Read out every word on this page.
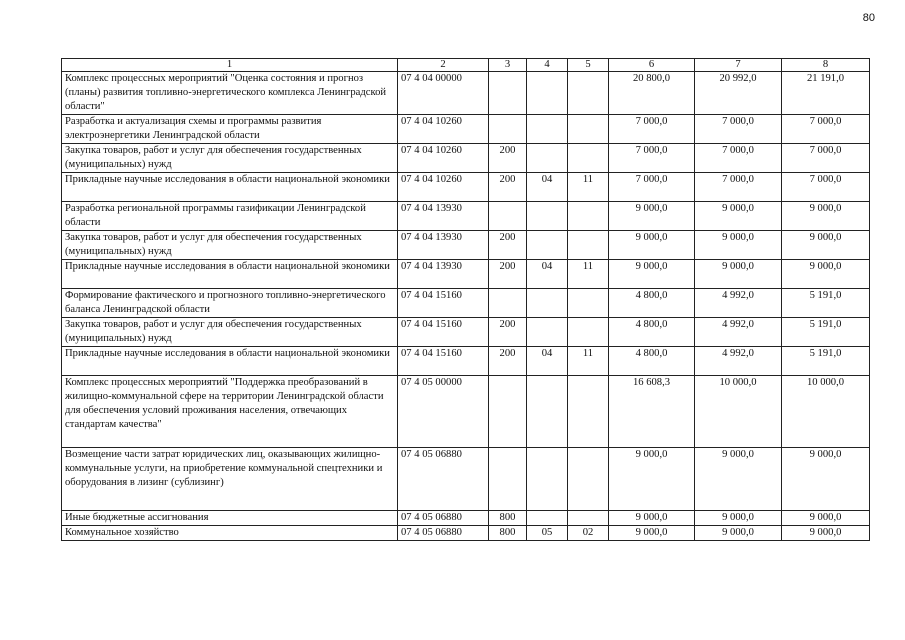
80
1	2	3	4	5	6	7	8
Комплекс процессных мероприятий "Оценка состояния и прогноз (планы) развития топливно-энергетического комплекса Ленинградской области"	07 4 04 00000				20 800,0	20 992,0	21 191,0
Разработка и актуализация схемы и программы развития электроэнергетики Ленинградской области	07 4 04 10260				7 000,0	7 000,0	7 000,0
Закупка товаров, работ и услуг для обеспечения государственных (муниципальных) нужд	07 4 04 10260	200			7 000,0	7 000,0	7 000,0
Прикладные научные исследования в области национальной экономики	07 4 04 10260	200	04	11	7 000,0	7 000,0	7 000,0
Разработка региональной программы газификации Ленинградской области	07 4 04 13930				9 000,0	9 000,0	9 000,0
Закупка товаров, работ и услуг для обеспечения государственных (муниципальных) нужд	07 4 04 13930	200			9 000,0	9 000,0	9 000,0
Прикладные научные исследования в области национальной экономики	07 4 04 13930	200	04	11	9 000,0	9 000,0	9 000,0
Формирование фактического и прогнозного топливно-энергетического баланса Ленинградской области	07 4 04 15160				4 800,0	4 992,0	5 191,0
Закупка товаров, работ и услуг для обеспечения государственных (муниципальных) нужд	07 4 04 15160	200			4 800,0	4 992,0	5 191,0
Прикладные научные исследования в области национальной экономики	07 4 04 15160	200	04	11	4 800,0	4 992,0	5 191,0
Комплекс процессных мероприятий "Поддержка преобразований в жилищно-коммунальной сфере на территории Ленинградской области для обеспечения условий проживания населения, отвечающих стандартам качества"	07 4 05 00000				16 608,3	10 000,0	10 000,0
Возмещение части затрат юридических лиц, оказывающих жилищно-коммунальные услуги, на приобретение коммунальной спецтехники и оборудования в лизинг (сублизинг)	07 4 05 06880				9 000,0	9 000,0	9 000,0
Иные бюджетные ассигнования	07 4 05 06880	800			9 000,0	9 000,0	9 000,0
Коммунальное хозяйство	07 4 05 06880	800	05	02	9 000,0	9 000,0	9 000,0
